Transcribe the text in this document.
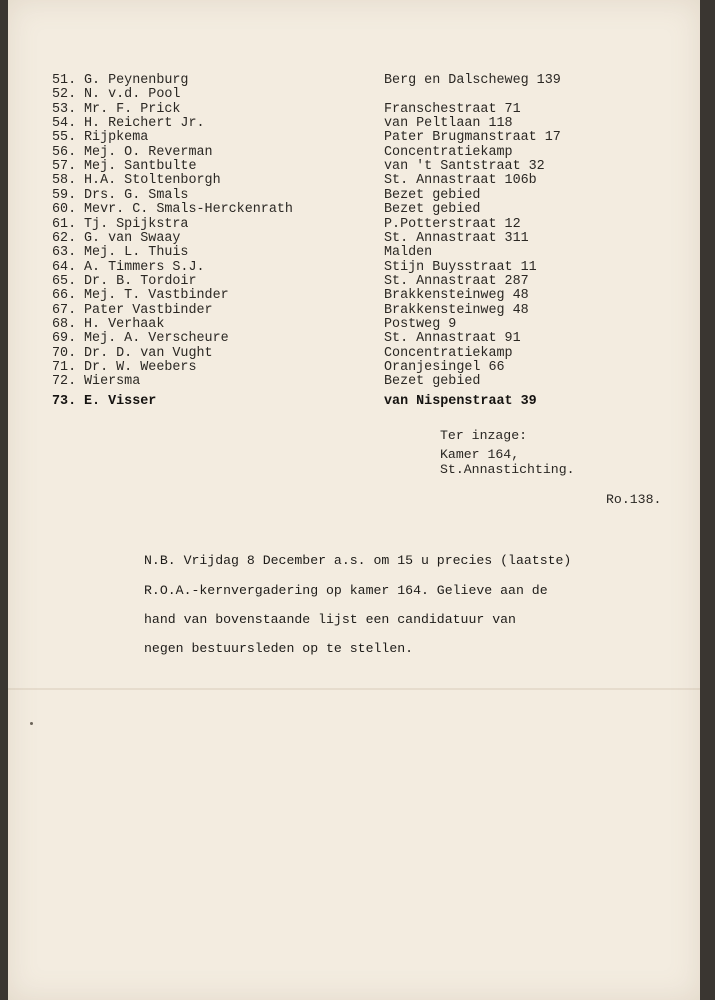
51. G. Peynenburg	Berg en Dalscheweg 139
52. N. v.d. Pool
53. Mr. F. Prick	Franschestraat 71
54. H. Reichert Jr.	van Peltlaan 118
55. Rijpkema	Pater Brugmanstraat 17
56. Mej. O. Reverman	Concentratiekamp
57. Mej. Santbulte	van 't Santstraat 32
58. H.A. Stoltenborgh	St. Annastraat 106b
59. Drs. G. Smals	Bezet gebied
60. Mevr. C. Smals-Herckenrath	Bezet gebied
61. Tj. Spijkstra	P.Potterstraat 12
62. G. van Swaay	St. Annastraat 311
63. Mej. L. Thuis	Malden
64. A. Timmers S.J.	Stijn Buysstraat 11
65. Dr. B. Tordoir	St. Annastraat 287
66. Mej. T. Vastbinder	Brakkensteinweg 48
67. Pater Vastbinder	Brakkensteinweg 48
68. H. Verhaak	Postweg 9
69. Mej. A. Verscheure	St. Annastraat 91
70. Dr. D. van Vught	Concentratiekamp
71. Dr. W. Weebers	Oranjesingel 66
72. Wiersma	Bezet gebied
73. E. Visser	van Nispenstraat 39
Ter inzage:
Kamer 164,
St.Annastichting.
Ro.138.
N.B. Vrijdag 8 December a.s. om 15 u precies (laatste)
R.O.A.-kernvergadering op kamer 164. Gelieve aan de
hand van bovenstaande lijst een candidatuur van
negen bestuursleden op te stellen.
